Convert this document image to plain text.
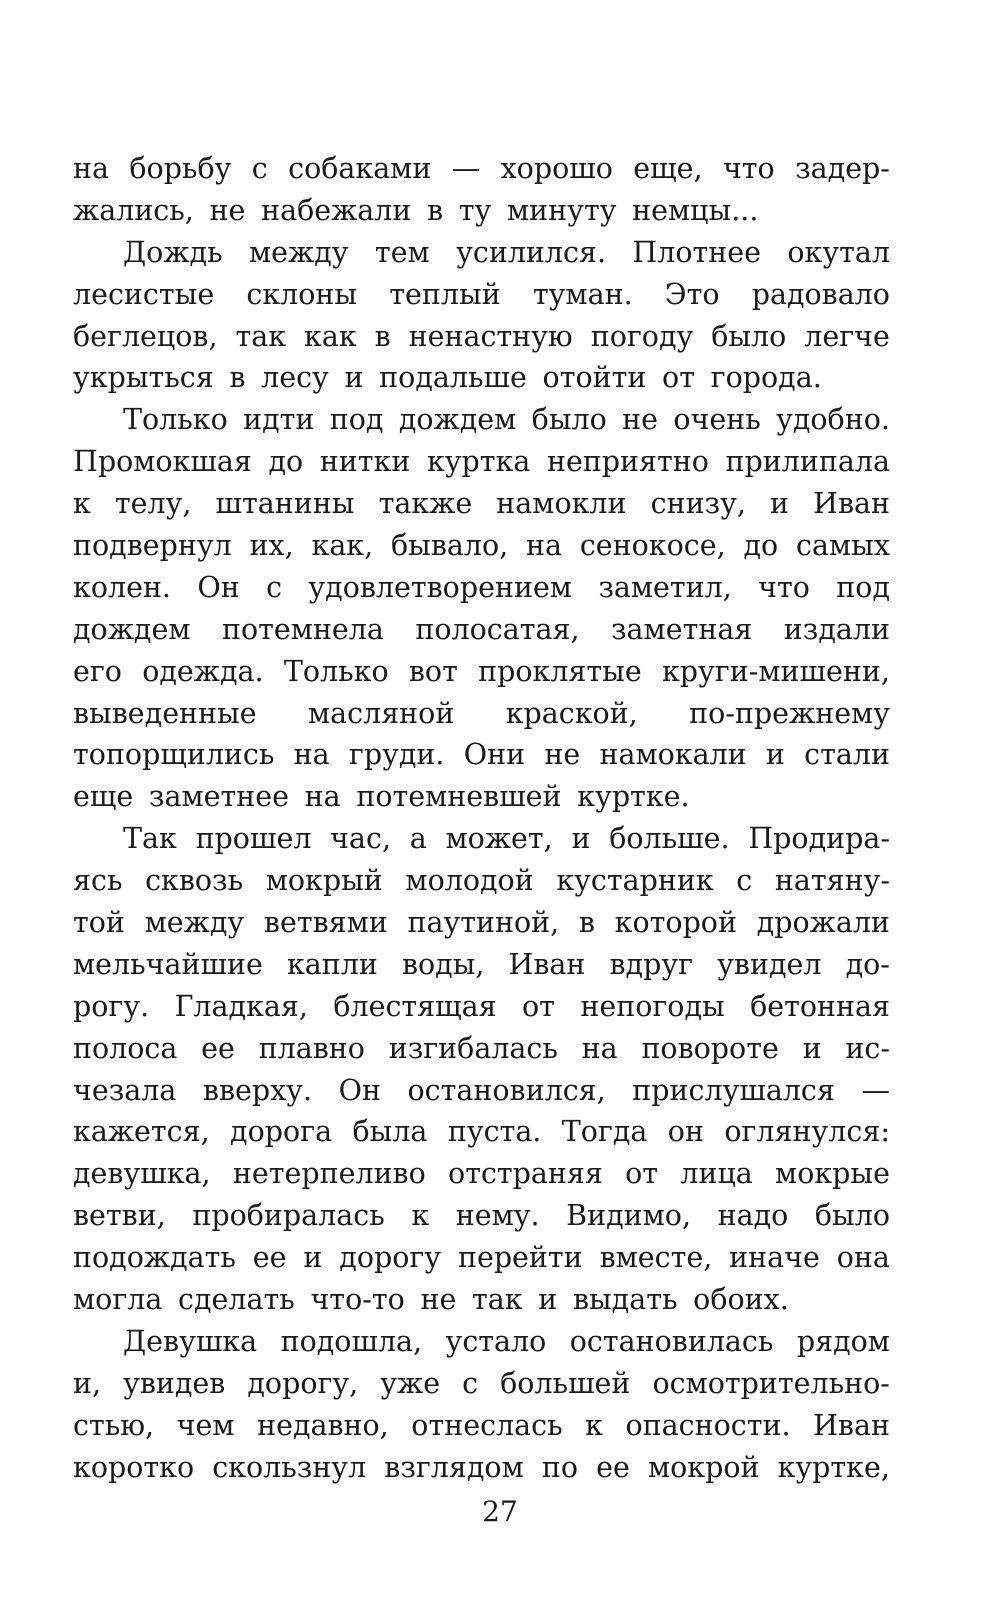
на борьбу с собаками — хорошо еще, что задер-
жались, не набежали в ту минуту немцы...
Дождь между тем усилился. Плотнее окутал
лесистые склоны теплый туман. Это радовало
беглецов, так как в ненастную погоду было легче
укрыться в лесу и подальше отойти от города.
Только идти под дождем было не очень удобно.
Промокшая до нитки куртка неприятно прилипала
к телу, штанины также намокли снизу, и Иван
подвернул их, как, бывало, на сенокосе, до самых
колен. Он с удовлетворением заметил, что под
дождем потемнела полосатая, заметная издали
его одежда. Только вот проклятые круги-мишени,
выведенные масляной краской, по-прежнему
топорщились на груди. Они не намокали и стали
еще заметнее на потемневшей куртке.
Так прошел час, а может, и больше. Продира-
ясь сквозь мокрый молодой кустарник с натяну-
той между ветвями паутиной, в которой дрожали
мельчайшие капли воды, Иван вдруг увидел до-
рогу. Гладкая, блестящая от непогоды бетонная
полоса ее плавно изгибалась на повороте и ис-
чезала вверху. Он остановился, прислушался —
кажется, дорога была пуста. Тогда он оглянулся:
девушка, нетерпеливо отстраняя от лица мокрые
ветви, пробиралась к нему. Видимо, надо было
подождать ее и дорогу перейти вместе, иначе она
могла сделать что-то не так и выдать обоих.
Девушка подошла, устало остановилась рядом
и, увидев дорогу, уже с большей осмотрительно-
стью, чем недавно, отнеслась к опасности. Иван
коротко скользнул взглядом по ее мокрой куртке,
27
